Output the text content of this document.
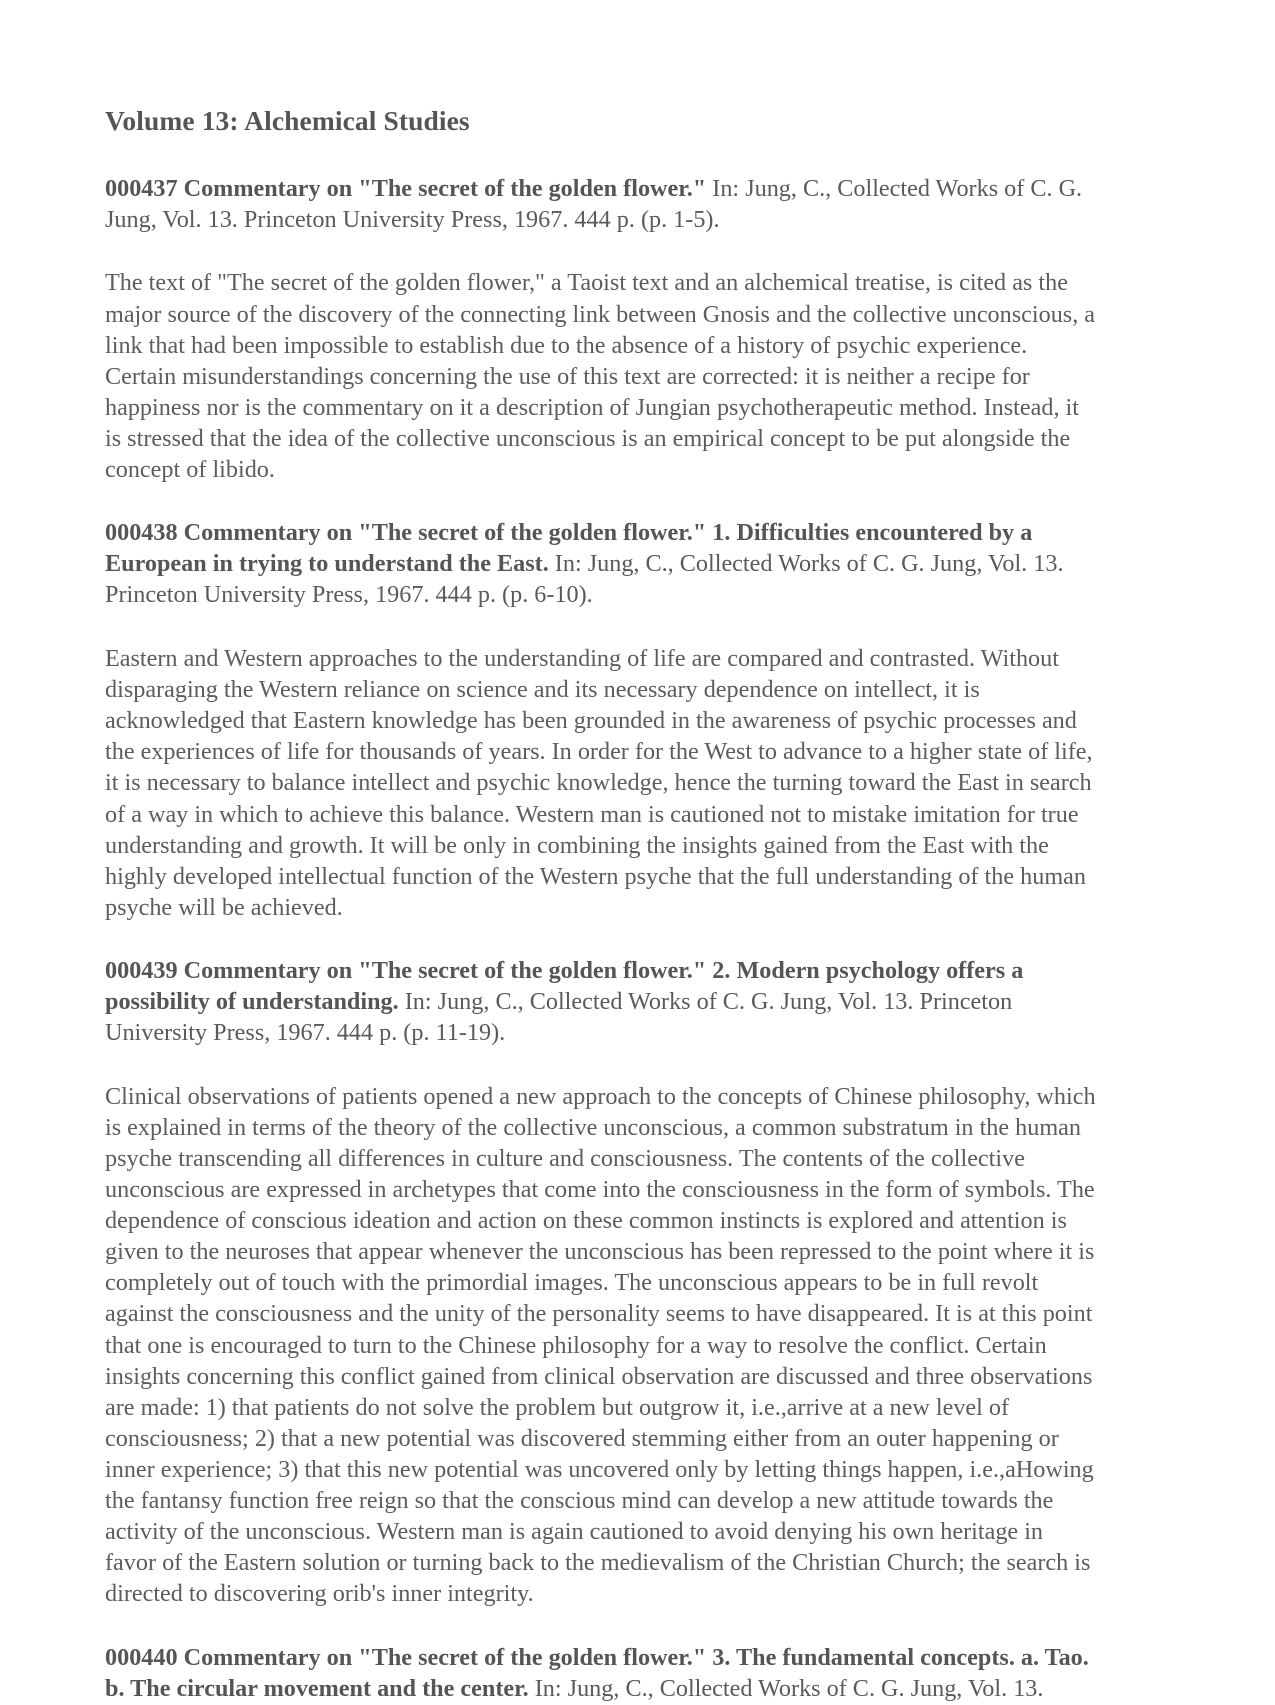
Volume 13: Alchemical Studies

000437 Commentary on "The secret of the golden flower." In: Jung, C., Collected Works of C. G. Jung, Vol. 13. Princeton University Press, 1967. 444 p. (p. 1-5).

The text of "The secret of the golden flower," a Taoist text and an alchemical treatise, is cited as the major source of the discovery of the connecting link between Gnosis and the collective unconscious, a link that had been impossible to establish due to the absence of a history of psychic experience. Certain misunderstandings concerning the use of this text are corrected: it is neither a recipe for happiness nor is the commentary on it a description of Jungian psychotherapeutic method. Instead, it is stressed that the idea of the collective unconscious is an empirical concept to be put alongside the concept of libido.

000438 Commentary on "The secret of the golden flower." 1. Difficulties encountered by a European in trying to understand the East. In: Jung, C., Collected Works of C. G. Jung, Vol. 13. Princeton University Press, 1967. 444 p. (p. 6-10).

Eastern and Western approaches to the understanding of life are compared and contrasted. Without disparaging the Western reliance on science and its necessary dependence on intellect, it is acknowledged that Eastern knowledge has been grounded in the awareness of psychic processes and the experiences of life for thousands of years. In order for the West to advance to a higher state of life, it is necessary to balance intellect and psychic knowledge, hence the turning toward the East in search of a way in which to achieve this balance. Western man is cautioned not to mistake imitation for true understanding and growth. It will be only in combining the insights gained from the East with the highly developed intellectual function of the Western psyche that the full understanding of the human psyche will be achieved.

000439 Commentary on "The secret of the golden flower." 2. Modern psychology offers a possibility of understanding. In: Jung, C., Collected Works of C. G. Jung, Vol. 13. Princeton University Press, 1967. 444 p. (p. 11-19).

Clinical observations of patients opened a new approach to the concepts of Chinese philosophy, which is explained in terms of the theory of the collective unconscious, a common substratum in the human psyche transcending all differences in culture and consciousness. The contents of the collective unconscious are expressed in archetypes that come into the consciousness in the form of symbols. The dependence of conscious ideation and action on these common instincts is explored and attention is given to the neuroses that appear whenever the unconscious has been repressed to the point where it is completely out of touch with the primordial images. The unconscious appears to be in full revolt against the consciousness and the unity of the personality seems to have disappeared. It is at this point that one is encouraged to turn to the Chinese philosophy for a way to resolve the conflict. Certain insights concerning this conflict gained from clinical observation are discussed and three observations are made: 1) that patients do not solve the problem but outgrow it, i.e.,arrive at a new level of consciousness; 2) that a new potential was discovered stemming either from an outer happening or inner experience; 3) that this new potential was uncovered only by letting things happen, i.e.,aHowing the fantansy function free reign so that the conscious mind can develop a new attitude towards the activity of the unconscious. Western man is again cautioned to avoid denying his own heritage in favor of the Eastern solution or turning back to the medievalism of the Christian Church; the search is directed to discovering orib's inner integrity.

000440 Commentary on "The secret of the golden flower." 3. The fundamental concepts. a. Tao. b. The circular movement and the center. In: Jung, C., Collected Works of C. G. Jung, Vol. 13.
